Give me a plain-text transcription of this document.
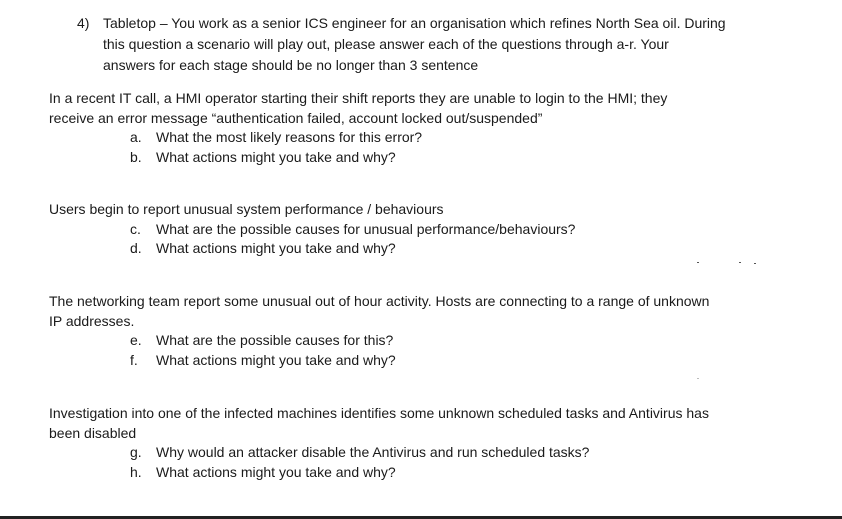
4) Tabletop – You work as a senior ICS engineer for an organisation which refines North Sea oil. During
this question a scenario will play out, please answer each of the questions through a-r. Your
answers for each stage should be no longer than 3 sentence
In a recent IT call, a HMI operator starting their shift reports they are unable to login to the HMI; they
receive an error message “authentication failed, account locked out/suspended”
a. What the most likely reasons for this error?
b. What actions might you take and why?
Users begin to report unusual system performance / behaviours
c. What are the possible causes for unusual performance/behaviours?
d. What actions might you take and why?
The networking team report some unusual out of hour activity. Hosts are connecting to a range of unknown
IP addresses.
e. What are the possible causes for this?
f. What actions might you take and why?
Investigation into one of the infected machines identifies some unknown scheduled tasks and Antivirus has
been disabled
g. Why would an attacker disable the Antivirus and run scheduled tasks?
h. What actions might you take and why?
